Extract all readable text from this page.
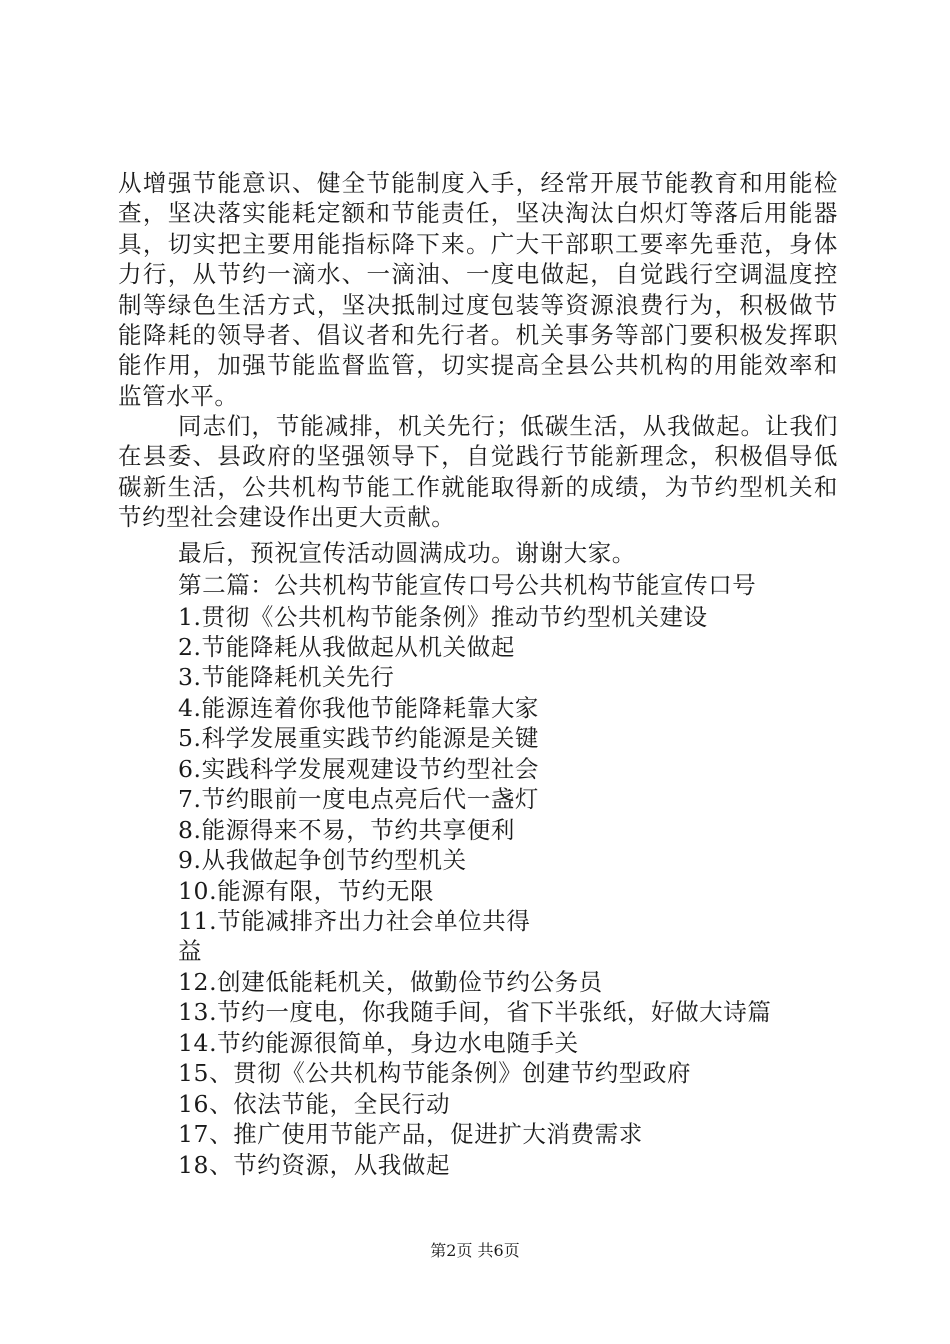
从增强节能意识、健全节能制度入手，经常开展节能教育和用能检查，坚决落实能耗定额和节能责任，坚决淘汰白炽灯等落后用能器具，切实把主要用能指标降下来。广大干部职工要率先垂范，身体力行，从节约一滴水、一滴油、一度电做起，自觉践行空调温度控制等绿色生活方式，坚决抵制过度包装等资源浪费行为，积极做节能降耗的领导者、倡议者和先行者。机关事务等部门要积极发挥职能作用，加强节能监督监管，切实提高全县公共机构的用能效率和监管水平。
同志们，节能减排，机关先行；低碳生活，从我做起。让我们在县委、县政府的坚强领导下，自觉践行节能新理念，积极倡导低碳新生活，公共机构节能工作就能取得新的成绩，为节约型机关和节约型社会建设作出更大贡献。
最后，预祝宣传活动圆满成功。谢谢大家。
第二篇：公共机构节能宣传口号公共机构节能宣传口号
1.贯彻《公共机构节能条例》推动节约型机关建设
2.节能降耗从我做起从机关做起
3.节能降耗机关先行
4.能源连着你我他节能降耗靠大家
5.科学发展重实践节约能源是关键
6.实践科学发展观建设节约型社会
7.节约眼前一度电点亮后代一盏灯
8.能源得来不易，节约共享便利
9.从我做起争创节约型机关
10.能源有限，节约无限
11.节能减排齐出力社会单位共得
益
12.创建低能耗机关，做勤俭节约公务员
13.节约一度电，你我随手间，省下半张纸，好做大诗篇
14.节约能源很简单，身边水电随手关
15、贯彻《公共机构节能条例》创建节约型政府
16、依法节能，全民行动
17、推广使用节能产品，促进扩大消费需求
18、节约资源，从我做起
第2页 共6页
